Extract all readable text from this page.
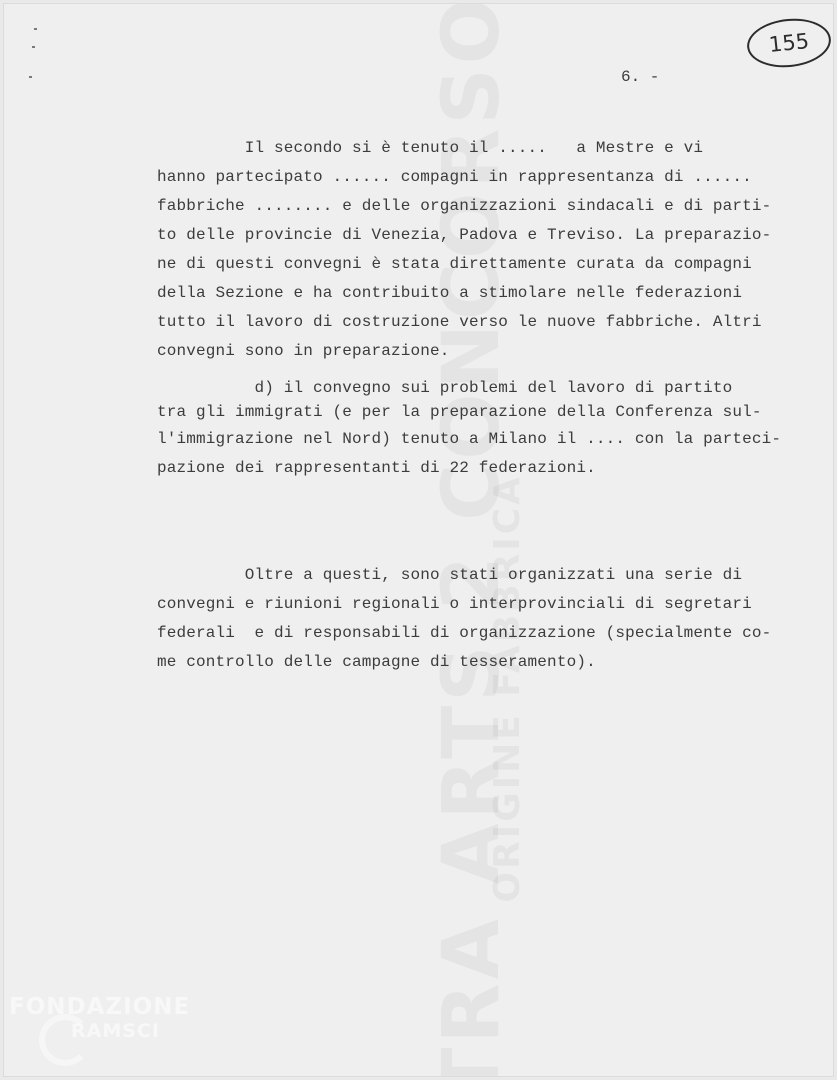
155
6. -
Il secondo si è tenuto il .....   a Mestre e vi
hanno partecipato ...... compagni in rappresentanza di ......
fabbriche ........ e delle organizzazioni sindacali e di parti-
to delle provincie di Venezia, Padova e Treviso. La preparazio-
ne di questi convegni è stata direttamente curata da compagni
della Sezione e ha contribuito a stimolare nelle federazioni
tutto il lavoro di costruzione verso le nuove fabbriche. Altri
convegni sono in preparazione.
d) il convegno sui problemi del lavoro di partito
tra gli immigrati (e per la preparazione della Conferenza sul-
l'immigrazione nel Nord) tenuto a Milano il .... con la parteci-
pazione dei rappresentanti di 22 federazioni.
Oltre a questi, sono stati organizzati una serie di
convegni e riunioni regionali o interprovinciali di segretari
federali  e di responsabili di organizzazione (specialmente co-
me controllo delle campagne di tesseramento).
FONDAZIONE
RAMSCI
